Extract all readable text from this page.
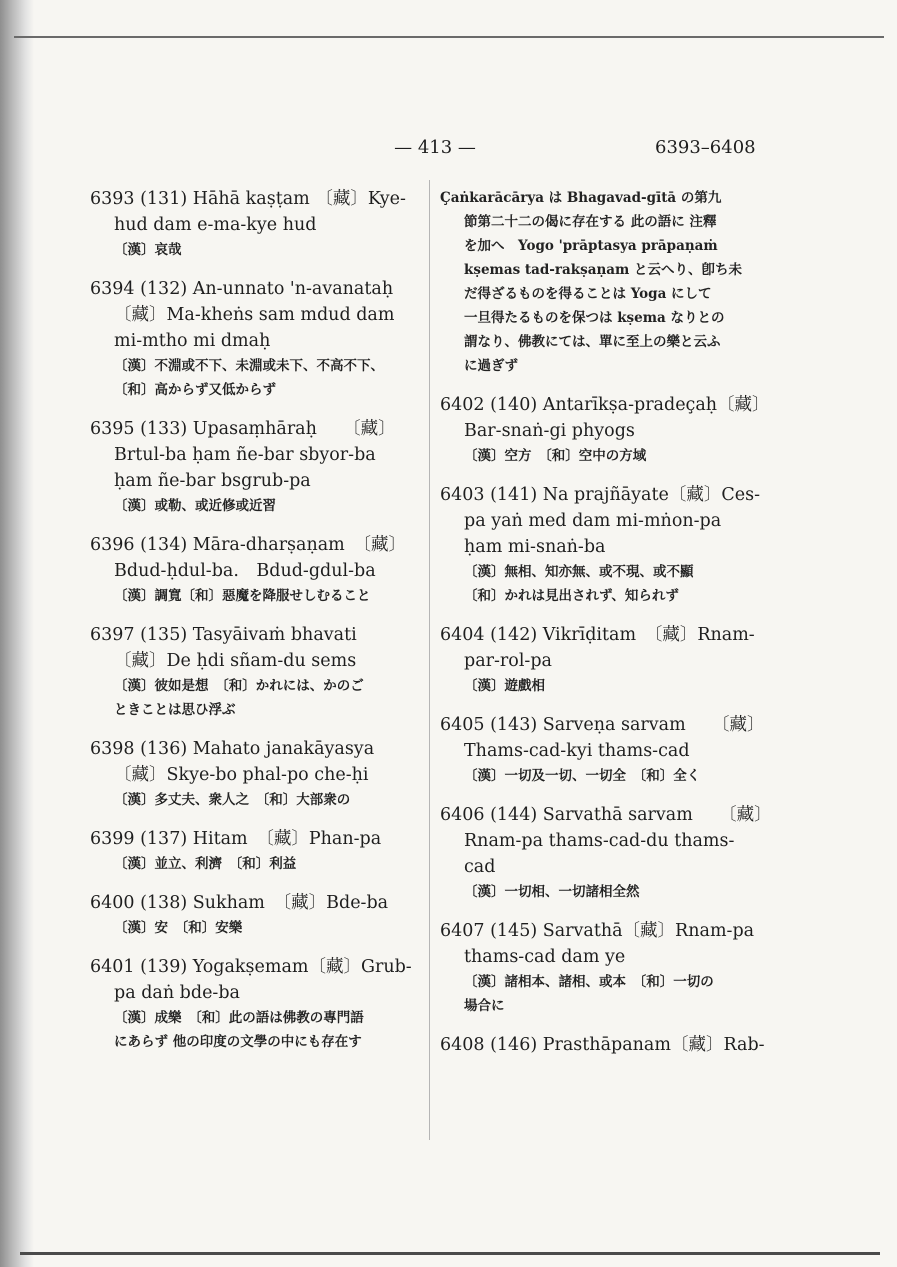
— 413 —	6393–6408
6393 (131) Hāhā kaṣṭam 〔藏〕Kye-
hud dam e-ma-kye hud
〔漢〕哀哉
6394 (132) An-unnato 'n-avanataḥ
〔藏〕Ma-kheṅs sam mdud dam
mi-mtho mi dmaḥ
〔漢〕不淵或不下、未淵或未下、不高不下、
〔和〕高からず又低からず
6395 (133) Upasaṃhāraḥ　　〔藏〕
Brtul-ba ḥam ñe-bar sbyor-ba
ḥam ñe-bar bsgrub-pa
〔漢〕或勒、或近修或近習
6396 (134) Māra-dharṣaṇam　〔藏〕
Bdud-ḥdul-ba.　Bdud-gdul-ba
〔漢〕調寬〔和〕惡魔を降服せしむること
6397 (135) Tasyāivaṁ bhavati
〔藏〕De ḥdi sñam-du sems
〔漢〕彼如是想　〔和〕かれには、かのご
ときことは思ひ浮ぶ
6398 (136) Mahato janakāyasya
〔藏〕Skye-bo phal-po che-ḥi
〔漢〕多丈夫、衆人之　〔和〕大部衆の
6399 (137) Hitam　〔藏〕Phan-pa
〔漢〕並立、利濟　〔和〕利益
6400 (138) Sukham　〔藏〕Bde-ba
〔漢〕安　〔和〕安樂
6401 (139) Yogakṣemam〔藏〕Grub-
pa daṅ bde-ba
〔漢〕成樂　〔和〕此の語は佛教の專門語
にあらず 他の印度の文學の中にも存在す
Çaṅkarācārya は Bhagavad-gītā の第九
節第二十二の偈に存在する 此の語に 注釋
を加へ　Yogo 'prāptasya prāpaṇaṁ
kṣemas tad-rakṣaṇam と云へり、卽ち未
だ得ざるものを得ることは Yoga にして
一旦得たるものを保つは kṣema なりとの
謂なり、佛教にては、單に至上の樂と云ふ
に過ぎず
6402 (140) Antarīkṣa-pradeçaḥ〔藏〕
Bar-snaṅ-gi phyogs
〔漢〕空方　〔和〕空中の方域
6403 (141) Na prajñāyate〔藏〕Ces-
pa yaṅ med dam mi-mṅon-pa
ḥam mi-snaṅ-ba
〔漢〕無相、知亦無、或不現、或不顯
〔和〕かれは見出されず、知られず
6404 (142) Vikrīḍitam　〔藏〕Rnam-
par-rol-pa
〔漢〕遊戲相
6405 (143) Sarveṇa sarvam　　〔藏〕
Thams-cad-kyi thams-cad
〔漢〕一切及一切、一切全　〔和〕全く
6406 (144) Sarvathā sarvam　　〔藏〕
Rnam-pa thams-cad-du thams-
cad
〔漢〕一切相、一切諸相全然
6407 (145) Sarvathā〔藏〕Rnam-pa
thams-cad dam ye
〔漢〕諸相本、諸相、或本　〔和〕一切の
場合に
6408 (146) Prasthāpanam〔藏〕Rab-
